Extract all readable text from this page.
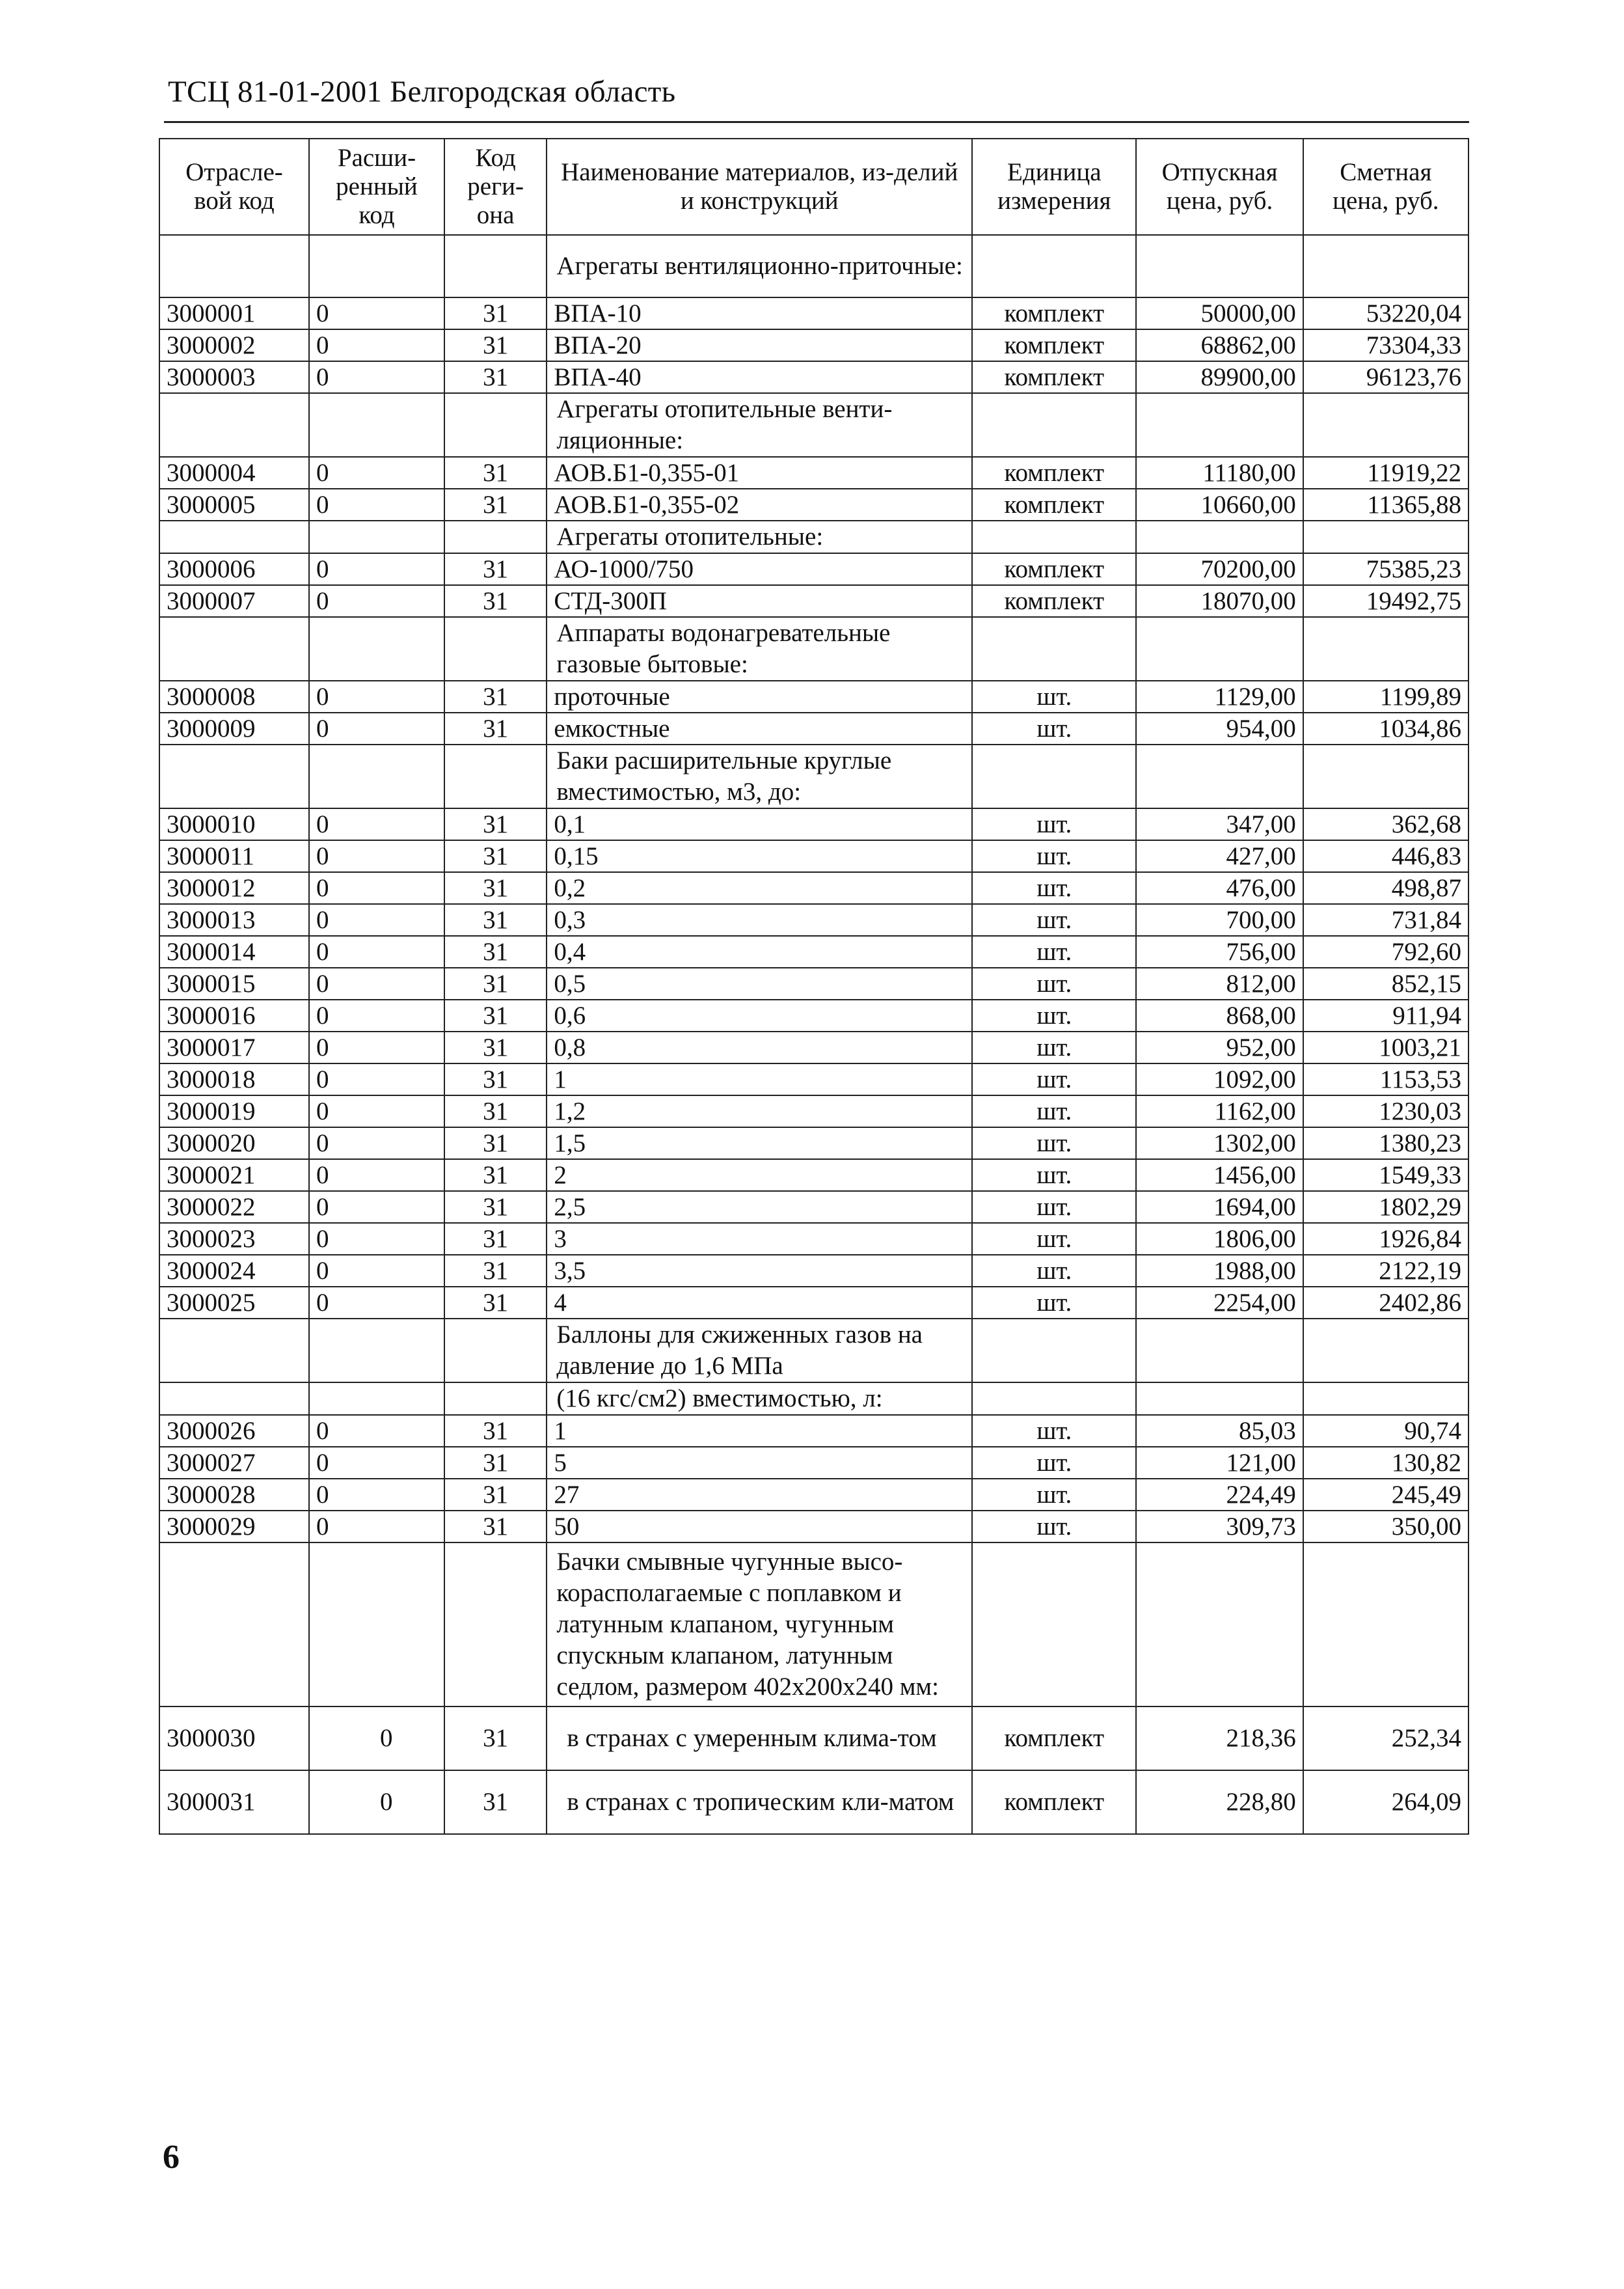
ТСЦ 81-01-2001 Белгородская область
Отрасле-вой код	Расши-ренный код	Код реги-она	Наименование материалов, из-делий и конструкций	Единица измерения	Отпускная цена, руб.	Сметная цена, руб.
			Агрегаты вентиляционно-приточные:			
3000001	0	31	ВПА-10	комплект	50000,00	53220,04
3000002	0	31	ВПА-20	комплект	68862,00	73304,33
3000003	0	31	ВПА-40	комплект	89900,00	96123,76
			Агрегаты отопительные венти-ляционные:			
3000004	0	31	АОВ.Б1-0,355-01	комплект	11180,00	11919,22
3000005	0	31	АОВ.Б1-0,355-02	комплект	10660,00	11365,88
			Агрегаты отопительные:			
3000006	0	31	АО-1000/750	комплект	70200,00	75385,23
3000007	0	31	СТД-300П	комплект	18070,00	19492,75
			Аппараты водонагревательные газовые бытовые:			
3000008	0	31	проточные	шт.	1129,00	1199,89
3000009	0	31	емкостные	шт.	954,00	1034,86
			Баки расширительные круглые вместимостью, м3, до:			
3000010	0	31	0,1	шт.	347,00	362,68
3000011	0	31	0,15	шт.	427,00	446,83
3000012	0	31	0,2	шт.	476,00	498,87
3000013	0	31	0,3	шт.	700,00	731,84
3000014	0	31	0,4	шт.	756,00	792,60
3000015	0	31	0,5	шт.	812,00	852,15
3000016	0	31	0,6	шт.	868,00	911,94
3000017	0	31	0,8	шт.	952,00	1003,21
3000018	0	31	1	шт.	1092,00	1153,53
3000019	0	31	1,2	шт.	1162,00	1230,03
3000020	0	31	1,5	шт.	1302,00	1380,23
3000021	0	31	2	шт.	1456,00	1549,33
3000022	0	31	2,5	шт.	1694,00	1802,29
3000023	0	31	3	шт.	1806,00	1926,84
3000024	0	31	3,5	шт.	1988,00	2122,19
3000025	0	31	4	шт.	2254,00	2402,86
			Баллоны для сжиженных газов на давление до 1,6 МПа			
			(16 кгс/см2) вместимостью, л:			
3000026	0	31	1	шт.	85,03	90,74
3000027	0	31	5	шт.	121,00	130,82
3000028	0	31	27	шт.	224,49	245,49
3000029	0	31	50	шт.	309,73	350,00
			Бачки смывные чугунные высо-корасполагаемые с поплавком и латунным клапаном, чугунным спускным клапаном, латунным седлом, размером 402х200х240 мм:			
3000030	0	31	в странах с умеренным клима-том	комплект	218,36	252,34
3000031	0	31	в странах с тропическим кли-матом	комплект	228,80	264,09
6
